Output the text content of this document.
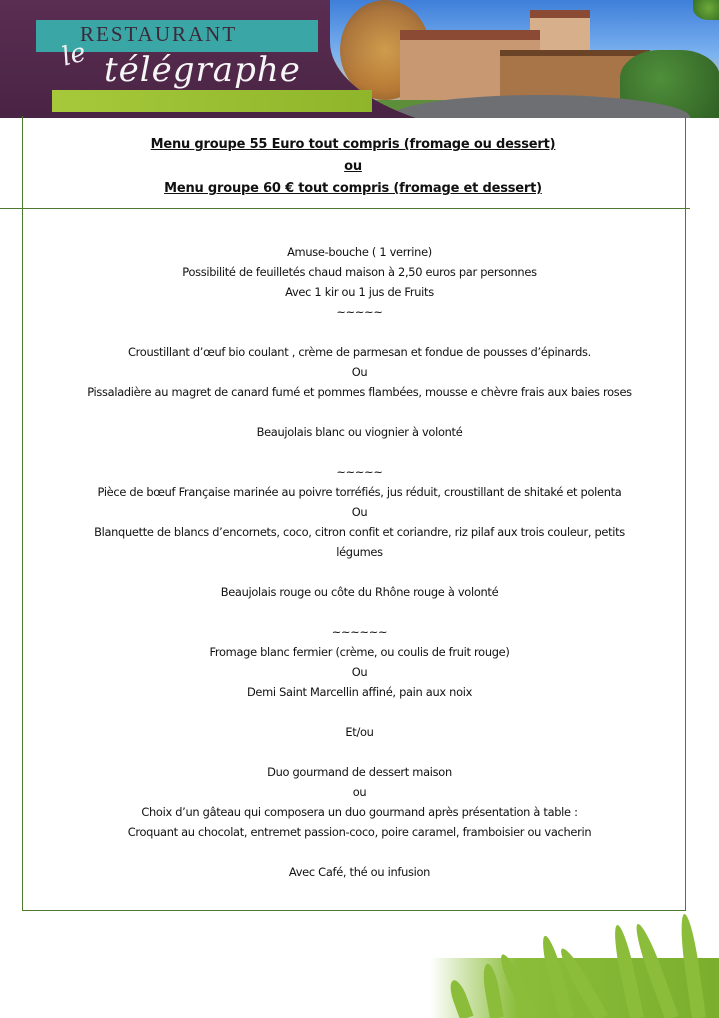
RESTAURANT
le télégraphe
Menu groupe 55 Euro tout compris (fromage ou dessert)
ou
Menu groupe 60 € tout compris (fromage et dessert)
Amuse-bouche ( 1 verrine)
Possibilité de feuilletés chaud maison à 2,50 euros par personnes
Avec 1 kir ou 1 jus de Fruits
~~~~~
Croustillant d’œuf bio coulant , crème de parmesan et fondue de pousses d’épinards.
Ou
Pissaladière au magret de canard fumé et pommes flambées, mousse e chèvre frais aux baies roses
Beaujolais blanc ou viognier à volonté
~~~~~
Pièce de bœuf Française marinée au poivre torréfiés, jus réduit, croustillant de shitaké et polenta
Ou
Blanquette de blancs d’encornets, coco, citron confit et coriandre, riz pilaf aux trois couleur, petits légumes
Beaujolais rouge ou côte du Rhône rouge à volonté
~~~~~~
Fromage blanc fermier (crème, ou coulis de fruit rouge)
Ou
Demi Saint Marcellin affiné, pain aux noix
Et/ou
Duo gourmand de dessert maison
ou
Choix d’un gâteau qui composera un duo gourmand après présentation à table :
Croquant au chocolat, entremet passion-coco, poire caramel, framboisier ou vacherin
Avec Café, thé ou infusion
